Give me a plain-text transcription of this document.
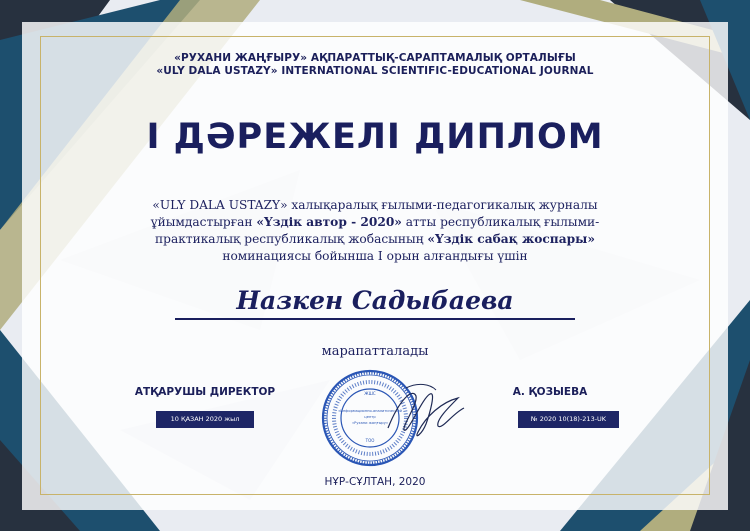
«РУХАНИ ЖАҢҒЫРУ» АҚПАРАТТЫҚ-САРАПТАМАЛЫҚ ОРТАЛЫҒЫ
«ULY DALA USTAZY» INTERNATIONAL SCIENTIFIC-EDUCATIONAL JOURNAL
І ДӘРЕЖЕЛІ ДИПЛОМ
«ULY DALA USTAZY» халықаралық ғылыми-педагогикалық журналы ұйымдастырған «Үздік автор - 2020» атты республикалық ғылыми-практикалық республикалық жобасының «Үздік сабақ жоспары» номинациясы бойынша І орын алғандығы үшін
Назкен Садыбаева
марапатталады
АТҚАРУШЫ ДИРЕКТОР
10 ҚАЗАН 2020 жыл
А. ҚОЗЫЕВА
№ 2020 10(18)-213-UK
ЖШС
«Информационно-аналитический
центр
«Рухани жаңғыру»
ТОО
НҰР-СҰЛТАН, 2020
